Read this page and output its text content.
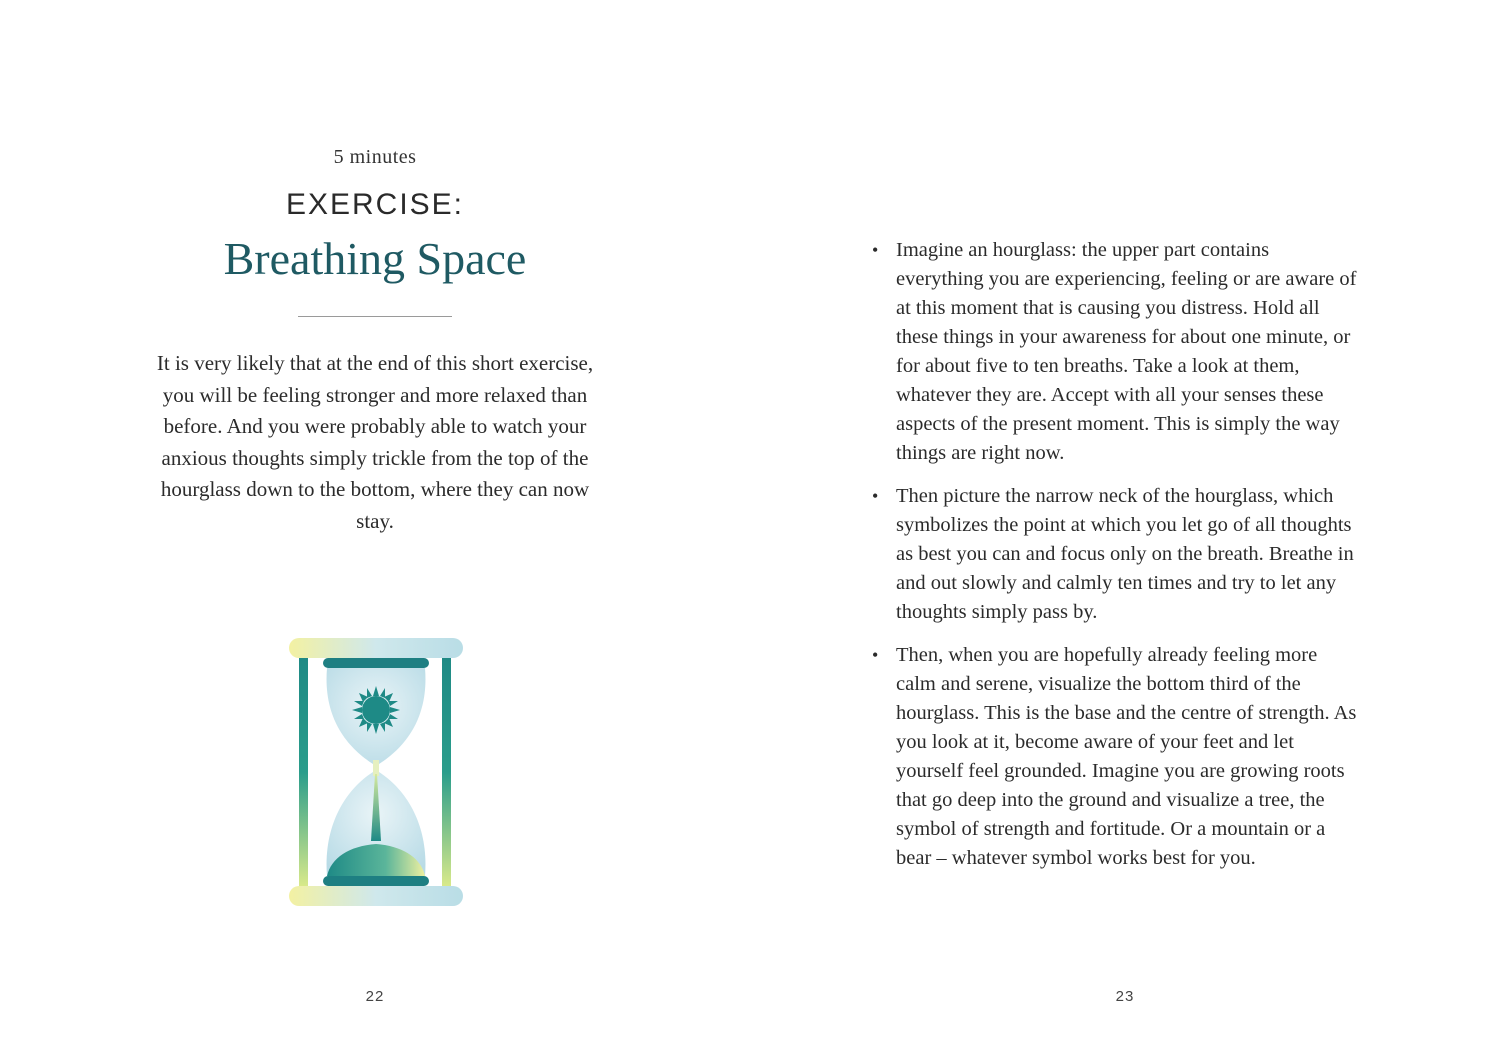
5 minutes
EXERCISE:
Breathing Space

It is very likely that at the end of this short exercise, you will be feeling stronger and more relaxed than before. And you were probably able to watch your anxious thoughts simply trickle from the top of the hourglass down to the bottom, where they can now stay.

22
• Imagine an hourglass: the upper part contains everything you are experiencing, feeling or are aware of at this moment that is causing you distress. Hold all these things in your awareness for about one minute, or for about five to ten breaths. Take a look at them, whatever they are. Accept with all your senses these aspects of the present moment. This is simply the way things are right now.
• Then picture the narrow neck of the hourglass, which symbolizes the point at which you let go of all thoughts as best you can and focus only on the breath. Breathe in and out slowly and calmly ten times and try to let any thoughts simply pass by.
• Then, when you are hopefully already feeling more calm and serene, visualize the bottom third of the hourglass. This is the base and the centre of strength. As you look at it, become aware of your feet and let yourself feel grounded. Imagine you are growing roots that go deep into the ground and visualize a tree, the symbol of strength and fortitude. Or a mountain or a bear – whatever symbol works best for you.
23
